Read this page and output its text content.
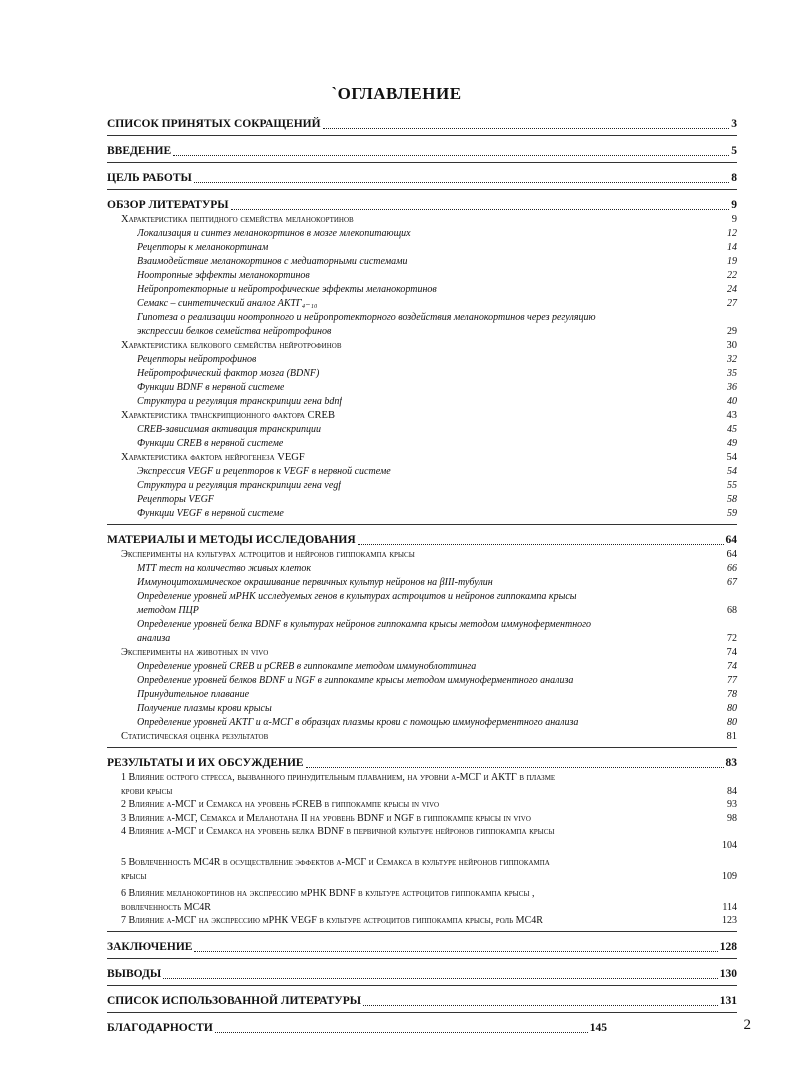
`ОГЛАВЛЕНИЕ
СПИСОК ПРИНЯТЫХ СОКРАЩЕНИЙ	3
ВВЕДЕНИЕ	5
ЦЕЛЬ РАБОТЫ	8
ОБЗОР ЛИТЕРАТУРЫ	9
Характеристика пептидного семейства меланокортинов	9
Локализация и синтез меланокортинов в мозге млекопитающих	12
Рецепторы к меланокортинам	14
Взаимодействие меланокортинов с медиаторными системами	19
Ноотропные эффекты меланокортинов	22
Нейропротекторные и нейротрофические эффекты меланокортинов	24
Семакс – синтетический аналог АКТГ₄₋₁₀	27
Гипотеза о реализации ноотропного и нейропротекторного воздействия меланокортинов через регуляцию
экспрессии белков семейства нейротрофинов	29
Характеристика белкового семейства нейротрофинов	30
Рецепторы нейротрофинов	32
Нейротрофический фактор мозга (BDNF)	35
Функции BDNF в нервной системе	36
Структура и регуляция транскрипции гена bdnf	40
Характеристика транскрипционного фактора CREB	43
CREB-зависимая активация транскрипции	45
Функции CREB в нервной системе	49
Характеристика фактора нейрогенеза VEGF	54
Экспрессия VEGF и рецепторов к VEGF в нервной системе	54
Структура и регуляция транскрипции гена vegf	55
Рецепторы VEGF	58
Функции VEGF в нервной системе	59
МАТЕРИАЛЫ И МЕТОДЫ ИССЛЕДОВАНИЯ	64
Эксперименты на культурах астроцитов и нейронов гиппокампа крысы	64
МТТ тест на количество живых клеток	66
Иммуноцитохимическое окрашивание первичных культур нейронов на βIII-тубулин	67
Определение уровней мРНК исследуемых генов в культурах астроцитов и нейронов гиппокампа крысы
методом ПЦР	68
Определение уровней белка BDNF в культурах нейронов гиппокампа крысы методом иммуноферментного
анализа	72
Эксперименты на животных in vivo	74
Определение уровней CREB и pCREB в гиппокампе методом иммуноблоттинга	74
Определение уровней белков BDNF и NGF в гиппокампе крысы методом иммуноферментного анализа	77
Принудительное плавание	78
Получение плазмы крови крысы	80
Определение уровней АКТГ и α-МСГ в образцах плазмы крови с помощью иммуноферментного анализа	80
Статистическая оценка результатов	81
РЕЗУЛЬТАТЫ И ИХ ОБСУЖДЕНИЕ	83
1 Влияние острого стресса, вызванного принудительным плаванием, на уровни α-МСГ и АКТГ в плазме
крови крысы	84
2 Влияние α-МСГ и Семакса на уровень pCREB в гиппокампе крысы in vivo	93
3 Влияние α-МСГ, Семакса и Меланотана II на уровень BDNF и NGF в гиппокампе крысы in vivo	98
4 Влияние α-МСГ и Семакса на уровень белка BDNF в первичной культуре нейронов гиппокампа крысы
104
5 Вовлеченность MC4R в осуществление эффектов α-МСГ и Семакса в культуре нейронов гиппокампа
крысы	109
6 Влияние меланокортинов на экспрессию мРНК BDNF в культуре астроцитов гиппокампа крысы ,
вовлеченность MC4R	114
7 Влияние α-МСГ на экспрессию мРНК VEGF в культуре астроцитов гиппокампа крысы, роль MC4R	123
ЗАКЛЮЧЕНИЕ	128
ВЫВОДЫ	130
СПИСОК ИСПОЛЬЗОВАННОЙ ЛИТЕРАТУРЫ	131
БЛАГОДАРНОСТИ	145	2
